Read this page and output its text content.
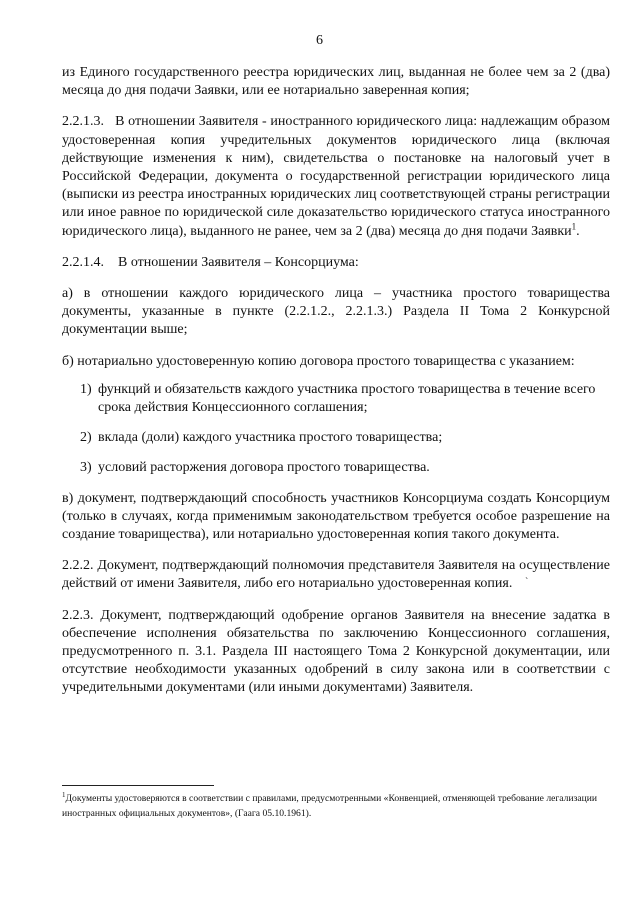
6

из Единого государственного реестра юридических лиц, выданная не более чем за 2 (два) месяца до дня подачи Заявки, или ее нотариально заверенная копия;

2.2.1.3. В отношении Заявителя - иностранного юридического лица: надлежащим образом удостоверенная копия учредительных документов юридического лица (включая действующие изменения к ним), свидетельства о постановке на налоговый учет в Российской Федерации, документа о государственной регистрации юридического лица (выписки из реестра иностранных юридических лиц соответствующей страны регистрации или иное равное по юридической силе доказательство юридического статуса иностранного юридического лица), выданного не ранее, чем за 2 (два) месяца до дня подачи Заявки$^1$.

2.2.1.4. В отношении Заявителя – Консорциума:

а) в отношении каждого юридического лица – участника простого товарищества документы, указанные в пункте (2.2.1.2., 2.2.1.3.) Раздела II Тома 2 Конкурсной документации выше;

б) нотариально удостоверенную копию договора простого товарищества с указанием:

1) функций и обязательств каждого участника простого товарищества в течение всего срока действия Концессионного соглашения;
2) вклада (доли) каждого участника простого товарищества;
3) условий расторжения договора простого товарищества.

в) документ, подтверждающий способность участников Консорциума создать Консорциум (только в случаях, когда применимым законодательством требуется особое разрешение на создание товарищества), или нотариально удостоверенная копия такого документа.

2.2.2. Документ, подтверждающий полномочия представителя Заявителя на осуществление действий от имени Заявителя, либо его нотариально удостоверенная копия.

2.2.3. Документ, подтверждающий одобрение органов Заявителя на внесение задатка в обеспечение исполнения обязательства по заключению Концессионного соглашения, предусмотренного п. 3.1. Раздела III настоящего Тома 2 Конкурсной документации, или отсутствие необходимости указанных одобрений в силу закона или в соответствии с учредительными документами (или иными документами) Заявителя.

`
$^1$Документы удостоверяются в соответствии с правилами, предусмотренными «Конвенцией, отменяющей требование легализации иностранных официальных документов», (Гаага 05.10.1961).
